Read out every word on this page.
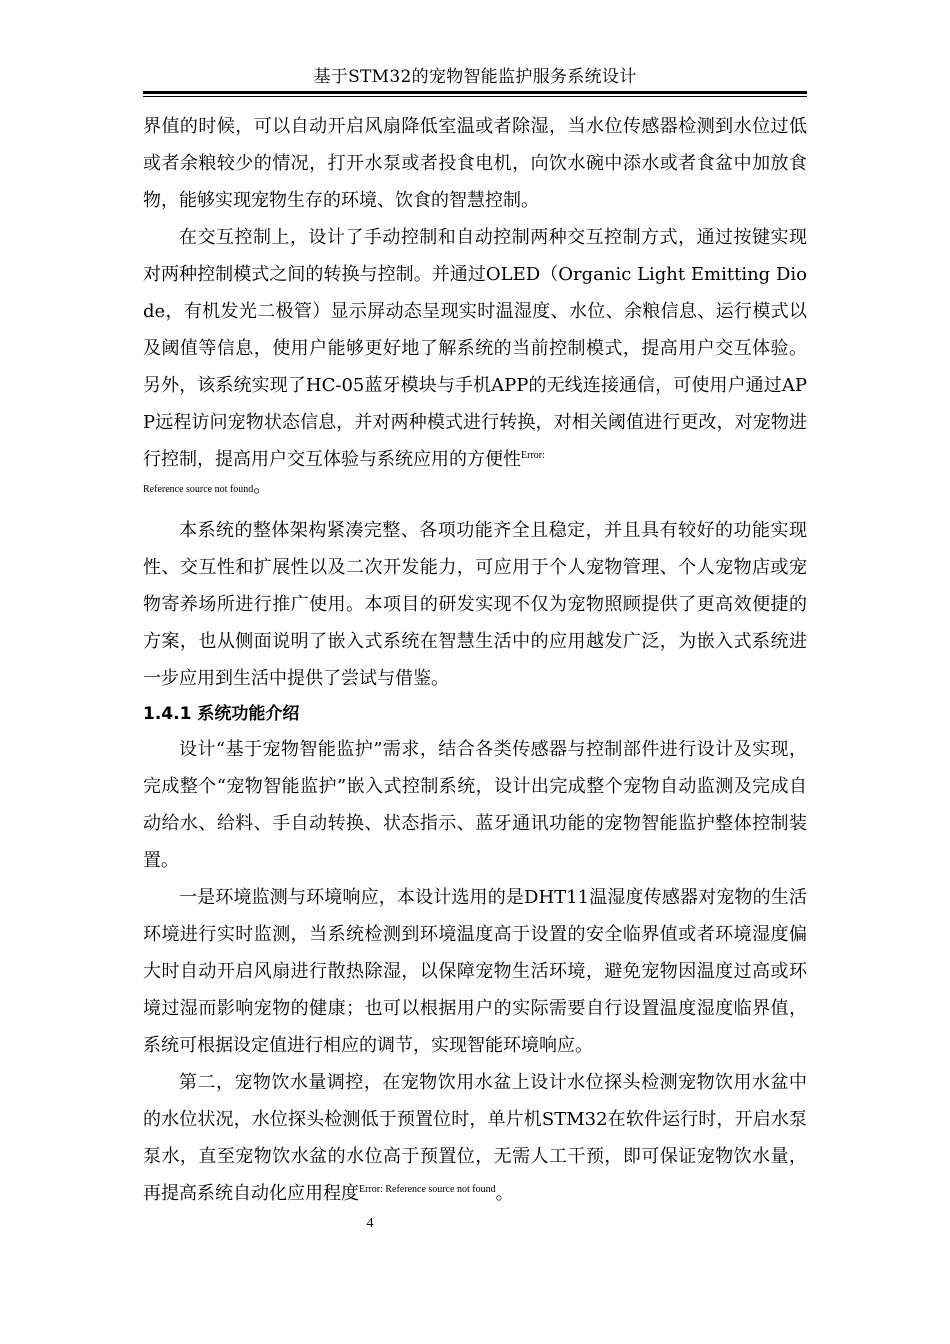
基于STM32的宠物智能监护服务系统设计

界值的时候，可以自动开启风扇降低室温或者除湿，当水位传感器检测到水位过低或者余粮较少的情况，打开水泵或者投食电机，向饮水碗中添水或者食盆中加放食物，能够实现宠物生存的环境、饮食的智慧控制。

在交互控制上，设计了手动控制和自动控制两种交互控制方式，通过按键实现对两种控制模式之间的转换与控制。并通过OLED（Organic Light Emitting Diode，有机发光二极管）显示屏动态呈现实时温湿度、水位、余粮信息、运行模式以及阈值等信息，使用户能够更好地了解系统的当前控制模式，提高用户交互体验。另外，该系统实现了HC-05蓝牙模块与手机APP的无线连接通信，可使用户通过APP远程访问宠物状态信息，并对两种模式进行转换，对相关阈值进行更改，对宠物进行控制，提高用户交互体验与系统应用的方便性$^{Error:}$

Reference source not found。

本系统的整体架构紧凑完整、各项功能齐全且稳定，并且具有较好的功能实现性、交互性和扩展性以及二次开发能力，可应用于个人宠物管理、个人宠物店或宠物寄养场所进行推广使用。本项目的研发实现不仅为宠物照顾提供了更高效便捷的方案，也从侧面说明了嵌入式系统在智慧生活中的应用越发广泛，为嵌入式系统进一步应用到生活中提供了尝试与借鉴。

1.4.1 系统功能介绍

设计“基于宠物智能监护”需求，结合各类传感器与控制部件进行设计及实现，完成整个“宠物智能监护”嵌入式控制系统，设计出完成整个宠物自动监测及完成自动给水、给料、手自动转换、状态指示、蓝牙通讯功能的宠物智能监护整体控制装置。

一是环境监测与环境响应，本设计选用的是DHT11温湿度传感器对宠物的生活环境进行实时监测，当系统检测到环境温度高于设置的安全临界值或者环境湿度偏大时自动开启风扇进行散热除湿，以保障宠物生活环境，避免宠物因温度过高或环境过湿而影响宠物的健康；也可以根据用户的实际需要自行设置温度湿度临界值，系统可根据设定值进行相应的调节，实现智能环境响应。

第二，宠物饮水量调控，在宠物饮用水盆上设计水位探头检测宠物饮用水盆中的水位状况，水位探头检测低于预置位时，单片机STM32在软件运行时，开启水泵泵水，直至宠物饮水盆的水位高于预置位，无需人工干预，即可保证宠物饮水量，再提高系统自动化应用程度$^{Error: Reference source not found}$。

4
